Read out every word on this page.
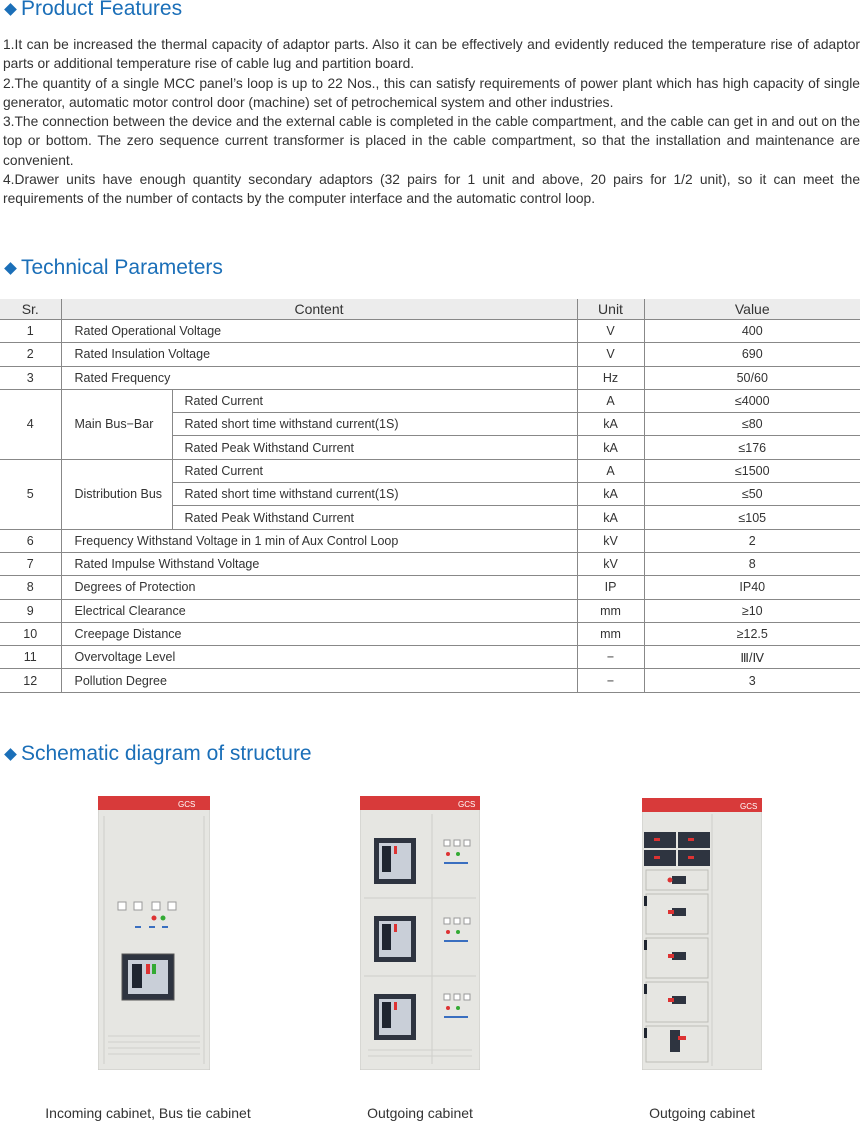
Product Features

1.It can be increased the thermal capacity of adaptor parts. Also it can be effectively and evidently reduced the temperature rise of adaptor parts or additional temperature rise of cable lug and partition board.

2.The quantity of a single MCC panel’s loop is up to 22 Nos., this can satisfy requirements of power plant which has high capacity of single generator, automatic motor control door (machine) set of petrochemical system and other industries.

3.The connection between the device and the external cable is completed in the cable compartment, and the cable can get in and out on the top or bottom. The zero sequence current transformer is placed in the cable compartment, so that the installation and maintenance are convenient.

4.Drawer units have enough quantity secondary adaptors (32 pairs for 1 unit and above, 20 pairs for 1/2 unit), so it can meet the requirements of the number of contacts by the computer interface and the automatic control loop.

Technical Parameters
Sr.	Content		Unit	Value
1	Rated Operational Voltage		V	400
2	Rated Insulation Voltage		V	690
3	Rated Frequency		Hz	50/60
4	Main Bus−Bar	Rated Current	A	≤4000
		Rated short time withstand current(1S)	kA	≤80
		Rated Peak Withstand Current	kA	≤176
5	Distribution Bus	Rated Current	A	≤1500
		Rated short time withstand current(1S)	kA	≤50
		Rated Peak Withstand Current	kA	≤105
6	Frequency Withstand Voltage in 1 min of Aux Control Loop		kV	2
7	Rated Impulse Withstand Voltage		kV	8
8	Degrees of Protection		IP	IP40
9	Electrical Clearance		mm	≥10
10	Creepage Distance		mm	≥12.5
11	Overvoltage Level		−	Ⅲ/Ⅳ
12	Pollution Degree		−	3
Schematic diagram of structure
GCS	GCS	GCS
Incoming cabinet, Bus tie cabinet	Outgoing cabinet	Outgoing cabinet
